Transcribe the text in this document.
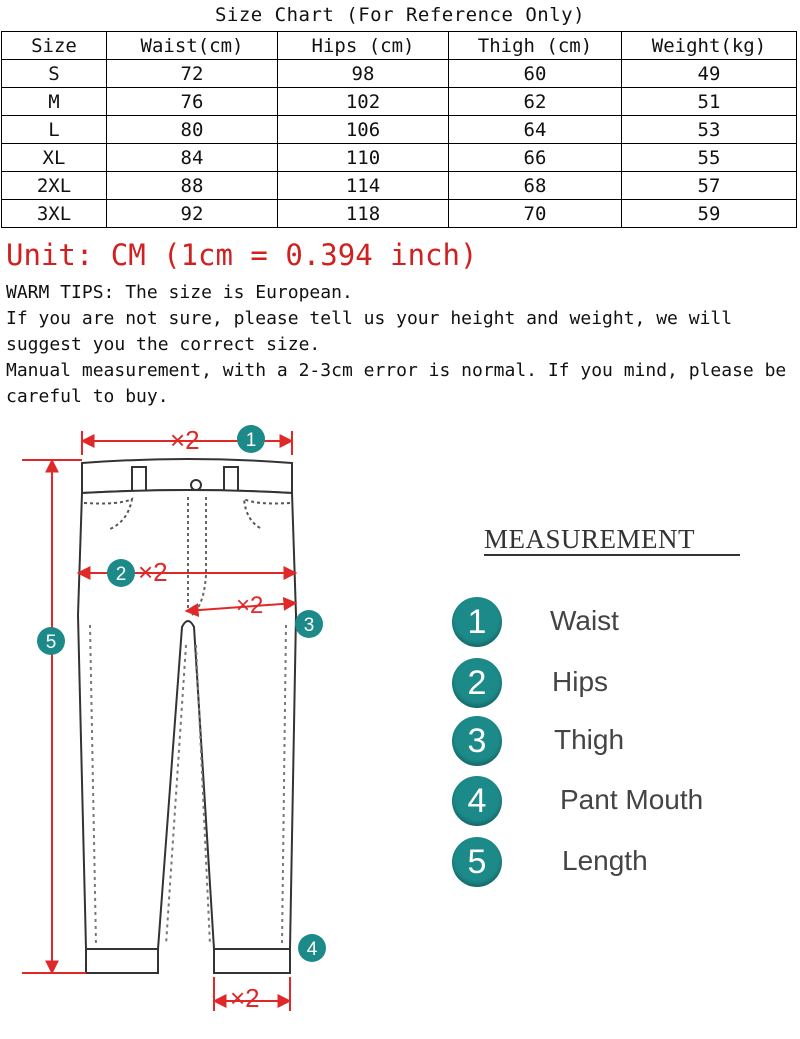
Size Chart (For Reference Only)
Size	Waist(cm)	Hips (cm)	Thigh (cm)	Weight(kg)
S	72	98	60	49
M	76	102	62	51
L	80	106	64	53
XL	84	110	66	55
2XL	88	114	68	57
3XL	92	118	70	59
Unit: CM (1cm = 0.394 inch)
WARM TIPS: The size is European.
If you are not sure, please tell us your height and weight, we will suggest you the correct size.
Manual measurement, with a 2-3cm error is normal. If you mind, please be careful to buy.
×2
×2
×2
×2
1
2
3
4
5
MEASUREMENT
1	Waist
2	Hips
3	Thigh
4	Pant Mouth
5	Length
